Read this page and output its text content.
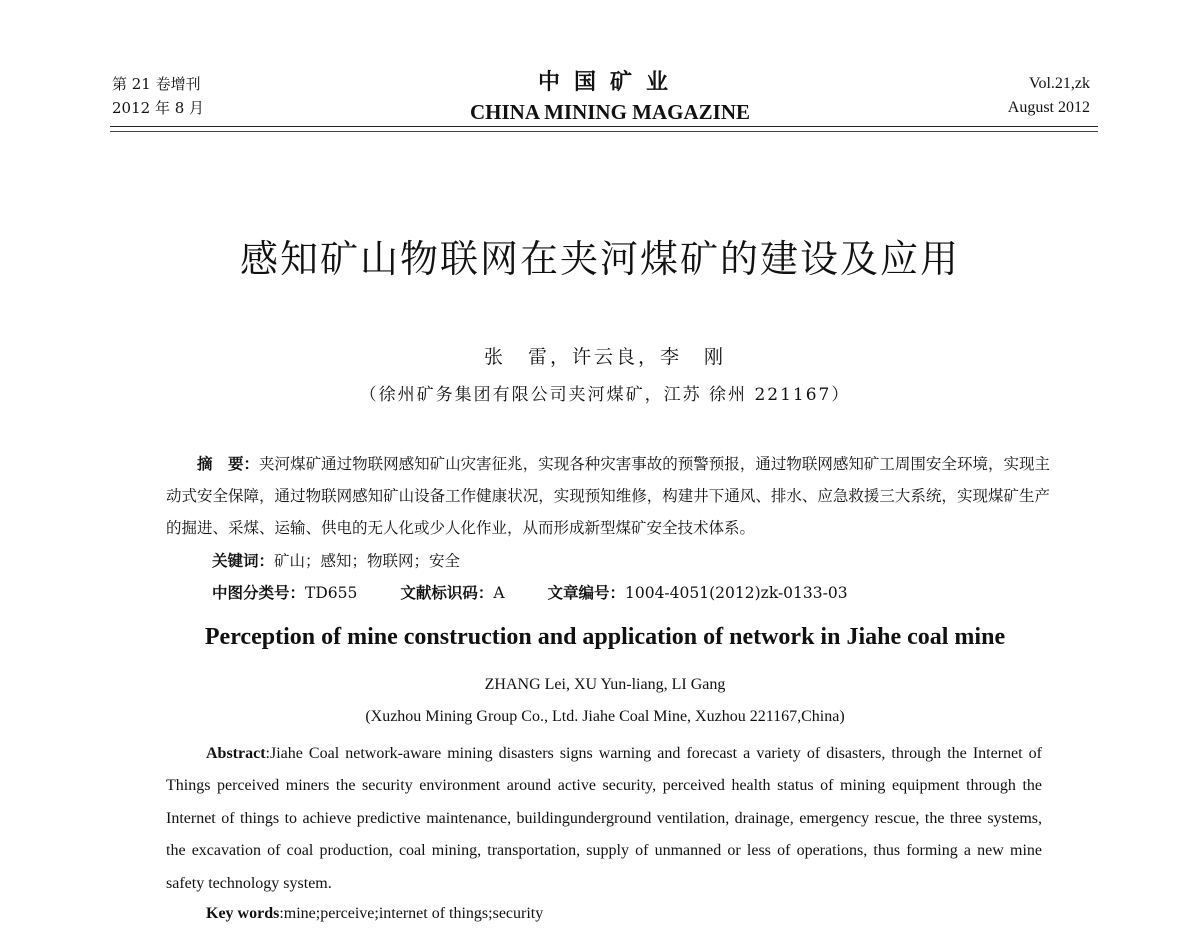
第 21 卷增刊
2012 年 8 月
中国矿业
CHINA MINING MAGAZINE
Vol.21,zk
August 2012
感知矿山物联网在夹河煤矿的建设及应用
张　雷，许云良，李　刚
（徐州矿务集团有限公司夹河煤矿，江苏 徐州 221167）
摘　要：夹河煤矿通过物联网感知矿山灾害征兆，实现各种灾害事故的预警预报，通过物联网感知矿工周围安全环境，实现主动式安全保障，通过物联网感知矿山设备工作健康状况，实现预知维修，构建井下通风、排水、应急救援三大系统，实现煤矿生产的掘进、采煤、运输、供电的无人化或少人化作业，从而形成新型煤矿安全技术体系。
关键词：矿山；感知；物联网；安全
中图分类号：TD655	文献标识码：A	文章编号：1004-4051(2012)zk-0133-03
Perception of mine construction and application of network in Jiahe coal mine
ZHANG Lei, XU Yun-liang, LI Gang
(Xuzhou Mining Group Co., Ltd. Jiahe Coal Mine, Xuzhou 221167,China)
Abstract:Jiahe Coal network-aware mining disasters signs warning and forecast a variety of disasters, through the Internet of Things perceived miners the security environment around active security, perceived health status of mining equipment through the Internet of things to achieve predictive maintenance, buildingunderground ventilation, drainage, emergency rescue, the three systems, the excavation of coal production, coal mining, transportation, supply of unmanned or less of operations, thus forming a new mine safety technology system.
Key words:mine;perceive;internet of things;security
